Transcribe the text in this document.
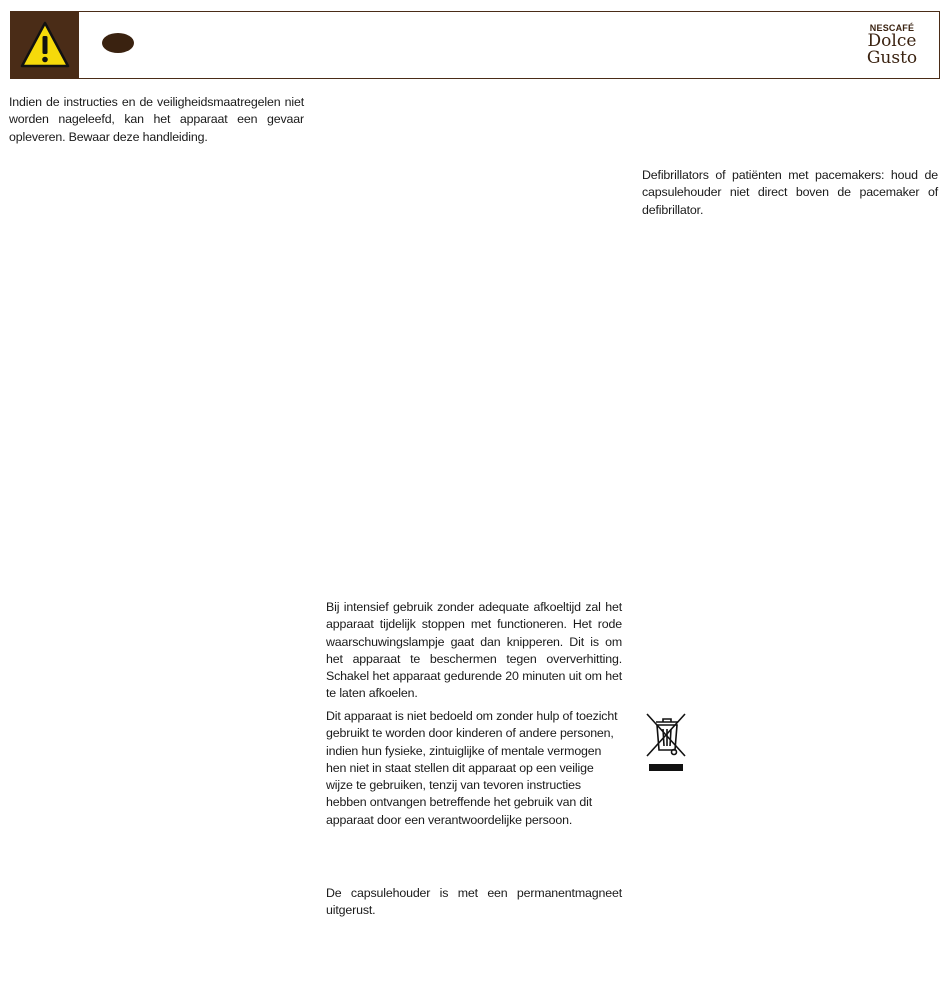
NESCAFÉ
Dolce
Gusto

Indien de instructies en de veiligheidsmaatregelen niet worden nageleefd, kan het apparaat een gevaar opleveren. Bewaar deze handleiding.

Defibrillators of patiënten met pacemakers: houd de capsulehouder niet direct boven de pacemaker of defibrillator.

Bij intensief gebruik zonder adequate afkoeltijd zal het apparaat tijdelijk stoppen met functioneren. Het rode waarschuwingslampje gaat dan knipperen. Dit is om het apparaat te beschermen tegen oververhitting. Schakel het apparaat gedurende 20 minuten uit om het te laten afkoelen.

Dit apparaat is niet bedoeld om zonder hulp of toezicht gebruikt te worden door kinderen of andere personen, indien hun fysieke, zintuiglijke of mentale vermogen hen niet in staat stellen dit apparaat op een veilige wijze te gebruiken, tenzij van tevoren instructies hebben ontvangen betreffende het gebruik van dit apparaat door een verantwoordelijke persoon.

De capsulehouder is met een permanentmagneet uitgerust.
